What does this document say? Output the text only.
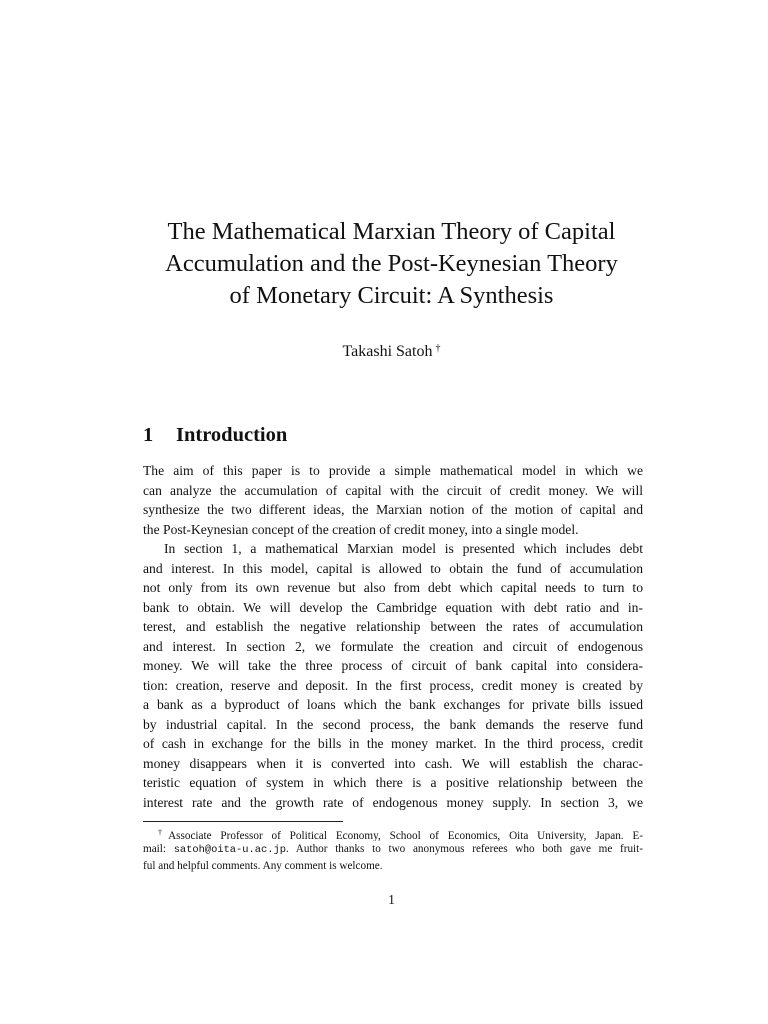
The Mathematical Marxian Theory of Capital
Accumulation and the Post-Keynesian Theory
of Monetary Circuit: A Synthesis
Takashi Satoh †
1 Introduction
The aim of this paper is to provide a simple mathematical model in which we
can analyze the accumulation of capital with the circuit of credit money. We will
synthesize the two different ideas, the Marxian notion of the motion of capital and
the Post-Keynesian concept of the creation of credit money, into a single model.
In section 1, a mathematical Marxian model is presented which includes debt
and interest. In this model, capital is allowed to obtain the fund of accumulation
not only from its own revenue but also from debt which capital needs to turn to
bank to obtain. We will develop the Cambridge equation with debt ratio and in-
terest, and establish the negative relationship between the rates of accumulation
and interest. In section 2, we formulate the creation and circuit of endogenous
money. We will take the three process of circuit of bank capital into considera-
tion: creation, reserve and deposit. In the first process, credit money is created by
a bank as a byproduct of loans which the bank exchanges for private bills issued
by industrial capital. In the second process, the bank demands the reserve fund
of cash in exchange for the bills in the money market. In the third process, credit
money disappears when it is converted into cash. We will establish the charac-
teristic equation of system in which there is a positive relationship between the
interest rate and the growth rate of endogenous money supply. In section 3, we
†Associate Professor of Political Economy, School of Economics, Oita University, Japan. E-
mail: satoh@oita-u.ac.jp. Author thanks to two anonymous referees who both gave me fruit-
ful and helpful comments. Any comment is welcome.
1
